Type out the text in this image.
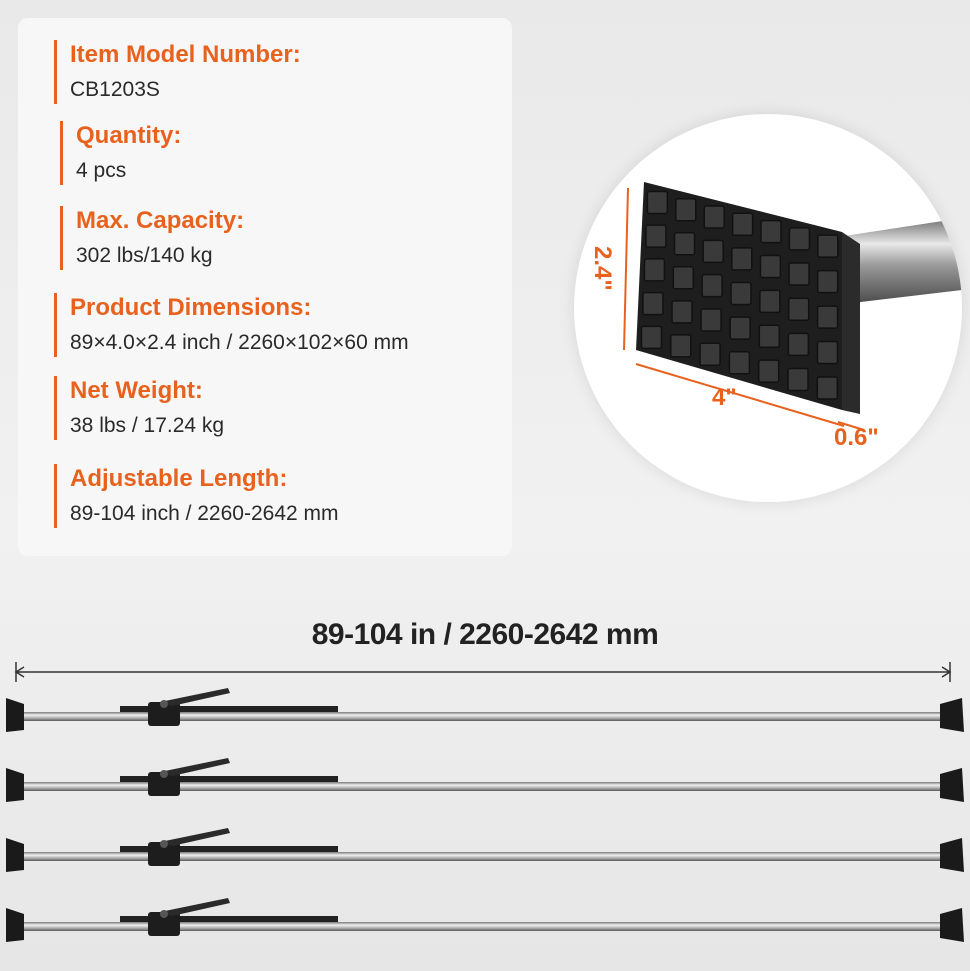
Item Model Number:
CB1203S
Quantity:
4 pcs
Max. Capacity:
302 lbs/140 kg
Product Dimensions:
89×4.0×2.4 inch / 2260×102×60 mm
Net Weight:
38 lbs / 17.24 kg
Adjustable Length:
89-104 inch / 2260-2642 mm
2.4"
4"
0.6"
89-104 in / 2260-2642 mm
